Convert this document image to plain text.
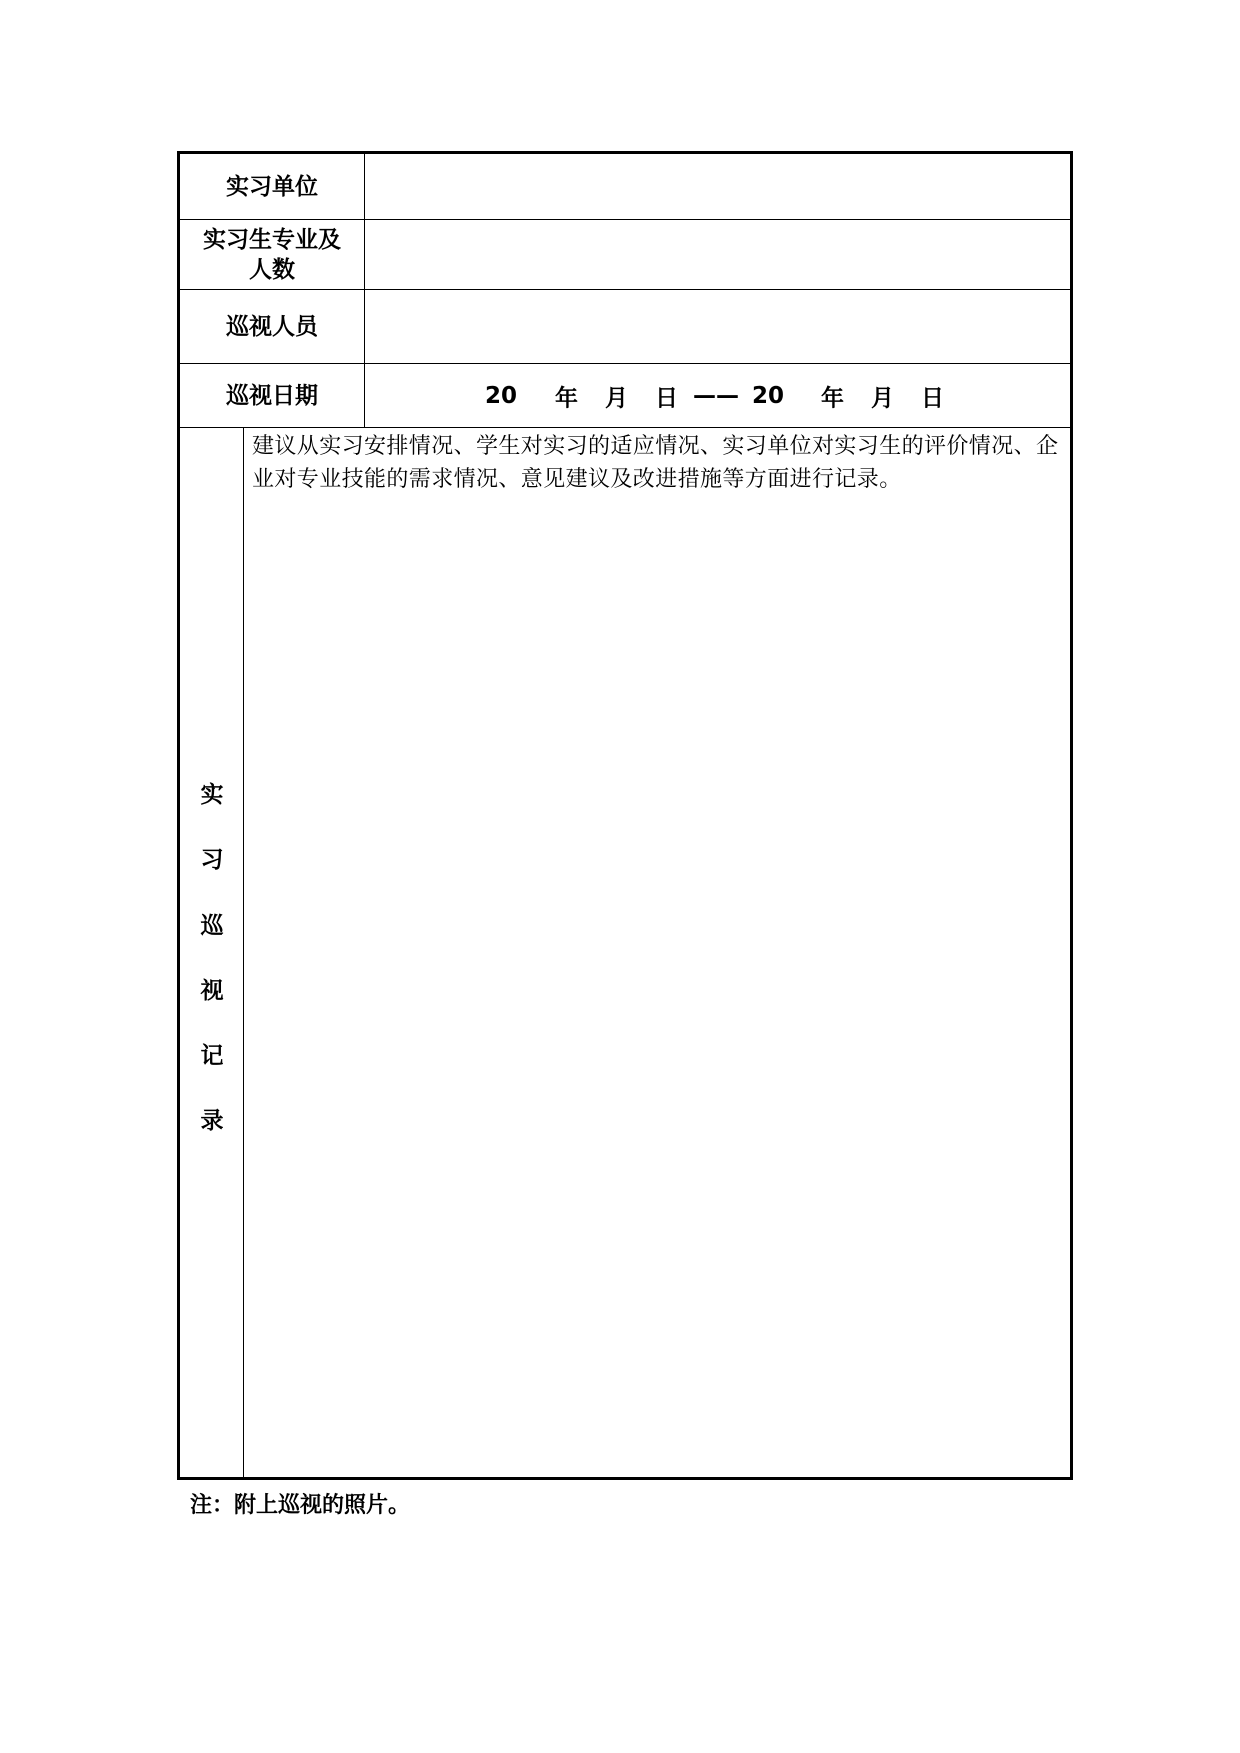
实习单位
实习生专业及
人数
巡视人员
巡视日期	20 年 月 日 —— 20 年 月 日
实
习
巡
视
记
录
建议从实习安排情况、学生对实习的适应情况、实习单位对实习生的评价情况、企业对专业技能的需求情况、意见建议及改进措施等方面进行记录。
注：附上巡视的照片。
